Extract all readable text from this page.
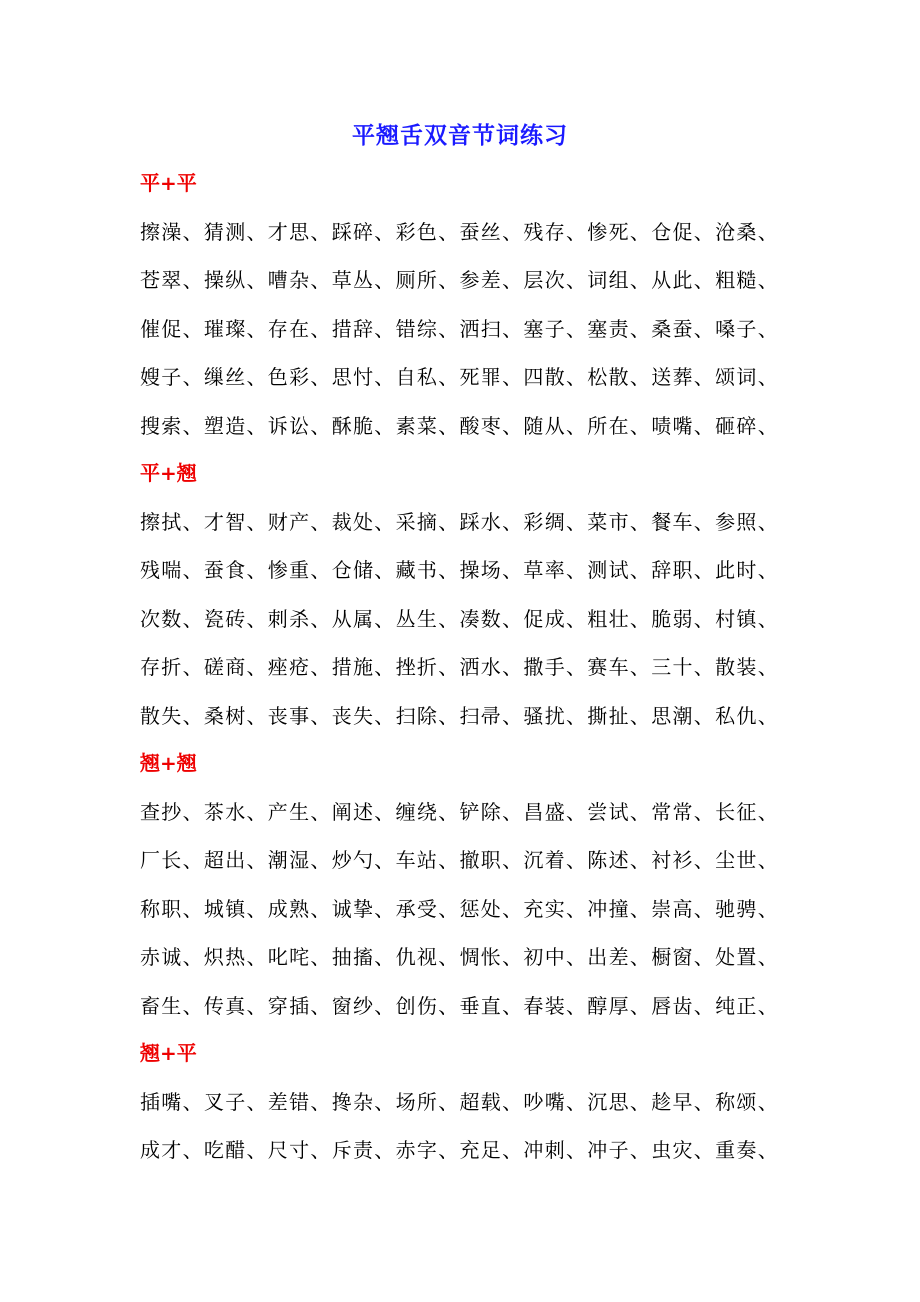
平翘舌双音节词练习
平+平
擦澡、猜测、才思、踩碎、彩色、蚕丝、残存、惨死、仓促、沧桑、
苍翠、操纵、嘈杂、草丛、厕所、参差、层次、词组、从此、粗糙、
催促、璀璨、存在、措辞、错综、洒扫、塞子、塞责、桑蚕、嗓子、
嫂子、缫丝、色彩、思忖、自私、死罪、四散、松散、送葬、颂词、
搜索、塑造、诉讼、酥脆、素菜、酸枣、随从、所在、啧嘴、砸碎、
平+翘
擦拭、才智、财产、裁处、采摘、踩水、彩绸、菜市、餐车、参照、
残喘、蚕食、惨重、仓储、藏书、操场、草率、测试、辞职、此时、
次数、瓷砖、刺杀、从属、丛生、凑数、促成、粗壮、脆弱、村镇、
存折、磋商、痤疮、措施、挫折、洒水、撒手、赛车、三十、散装、
散失、桑树、丧事、丧失、扫除、扫帚、骚扰、撕扯、思潮、私仇、
翘+翘
查抄、茶水、产生、阐述、缠绕、铲除、昌盛、尝试、常常、长征、
厂长、超出、潮湿、炒勺、车站、撤职、沉着、陈述、衬衫、尘世、
称职、城镇、成熟、诚挚、承受、惩处、充实、冲撞、崇高、驰骋、
赤诚、炽热、叱咤、抽搐、仇视、惆怅、初中、出差、橱窗、处置、
畜生、传真、穿插、窗纱、创伤、垂直、春装、醇厚、唇齿、纯正、
翘+平
插嘴、叉子、差错、搀杂、场所、超载、吵嘴、沉思、趁早、称颂、
成才、吃醋、尺寸、斥责、赤字、充足、冲刺、冲子、虫灾、重奏、
